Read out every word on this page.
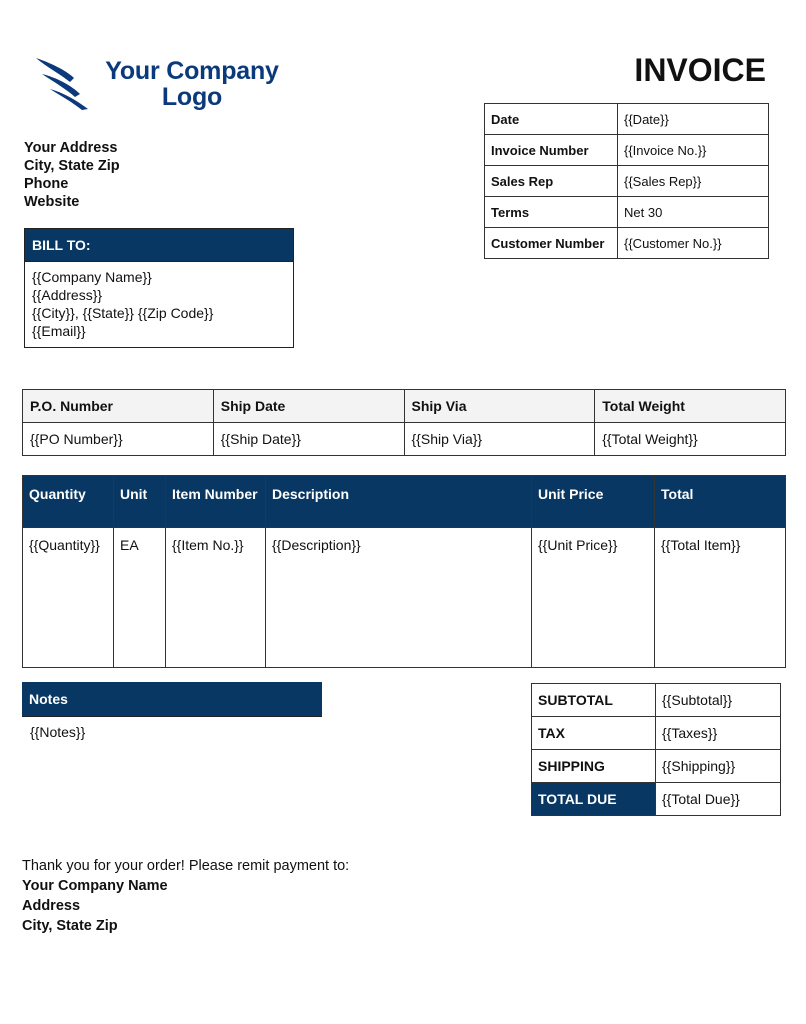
Your Company
Logo
INVOICE
Your Address
City, State Zip
Phone
Website
Date	{{Date}}
Invoice Number	{{Invoice No.}}
Sales Rep	{{Sales Rep}}
Terms	Net 30
Customer Number	{{Customer No.}}
BILL TO:
{{Company Name}}
{{Address}}
{{City}}, {{State}} {{Zip Code}}
{{Email}}
P.O. Number	Ship Date	Ship Via	Total Weight
{{PO Number}}	{{Ship Date}}	{{Ship Via}}	{{Total Weight}}
Quantity	Unit	Item Number	Description	Unit Price	Total
{{Quantity}}	EA	{{Item No.}}	{{Description}}	{{Unit Price}}	{{Total Item}}
Notes
{{Notes}}
SUBTOTAL	{{Subtotal}}
TAX	{{Taxes}}
SHIPPING	{{Shipping}}
TOTAL DUE	{{Total Due}}
Thank you for your order! Please remit payment to:
Your Company Name
Address
City, State Zip
